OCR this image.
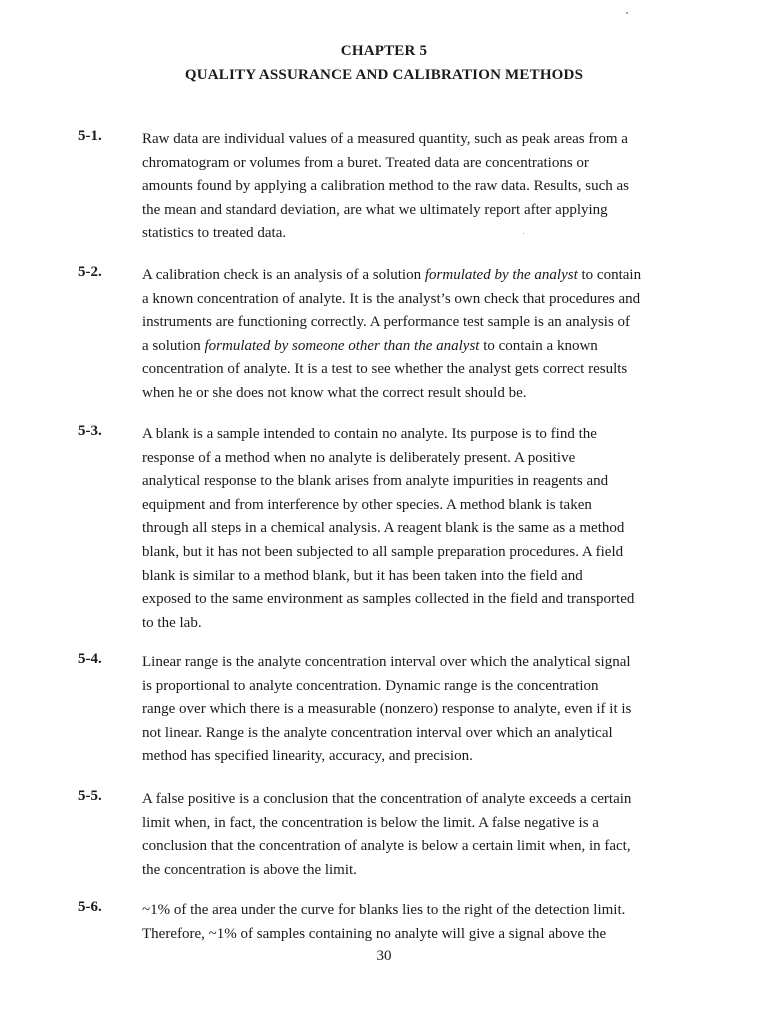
CHAPTER 5
QUALITY ASSURANCE AND CALIBRATION METHODS
5-1.	Raw data are individual values of a measured quantity, such as peak areas from a
chromatogram or volumes from a buret. Treated data are concentrations or
amounts found by applying a calibration method to the raw data. Results, such as
the mean and standard deviation, are what we ultimately report after applying
statistics to treated data.
5-2.	A calibration check is an analysis of a solution formulated by the analyst to contain
a known concentration of analyte. It is the analyst’s own check that procedures and
instruments are functioning correctly. A performance test sample is an analysis of
a solution formulated by someone other than the analyst to contain a known
concentration of analyte. It is a test to see whether the analyst gets correct results
when he or she does not know what the correct result should be.
5-3.	A blank is a sample intended to contain no analyte. Its purpose is to find the
response of a method when no analyte is deliberately present. A positive
analytical response to the blank arises from analyte impurities in reagents and
equipment and from interference by other species. A method blank is taken
through all steps in a chemical analysis. A reagent blank is the same as a method
blank, but it has not been subjected to all sample preparation procedures. A field
blank is similar to a method blank, but it has been taken into the field and
exposed to the same environment as samples collected in the field and transported
to the lab.
5-4.	Linear range is the analyte concentration interval over which the analytical signal
is proportional to analyte concentration. Dynamic range is the concentration
range over which there is a measurable (nonzero) response to analyte, even if it is
not linear. Range is the analyte concentration interval over which an analytical
method has specified linearity, accuracy, and precision.
5-5.	A false positive is a conclusion that the concentration of analyte exceeds a certain
limit when, in fact, the concentration is below the limit. A false negative is a
conclusion that the concentration of analyte is below a certain limit when, in fact,
the concentration is above the limit.
5-6.	~1% of the area under the curve for blanks lies to the right of the detection limit.
Therefore, ~1% of samples containing no analyte will give a signal above the
30
